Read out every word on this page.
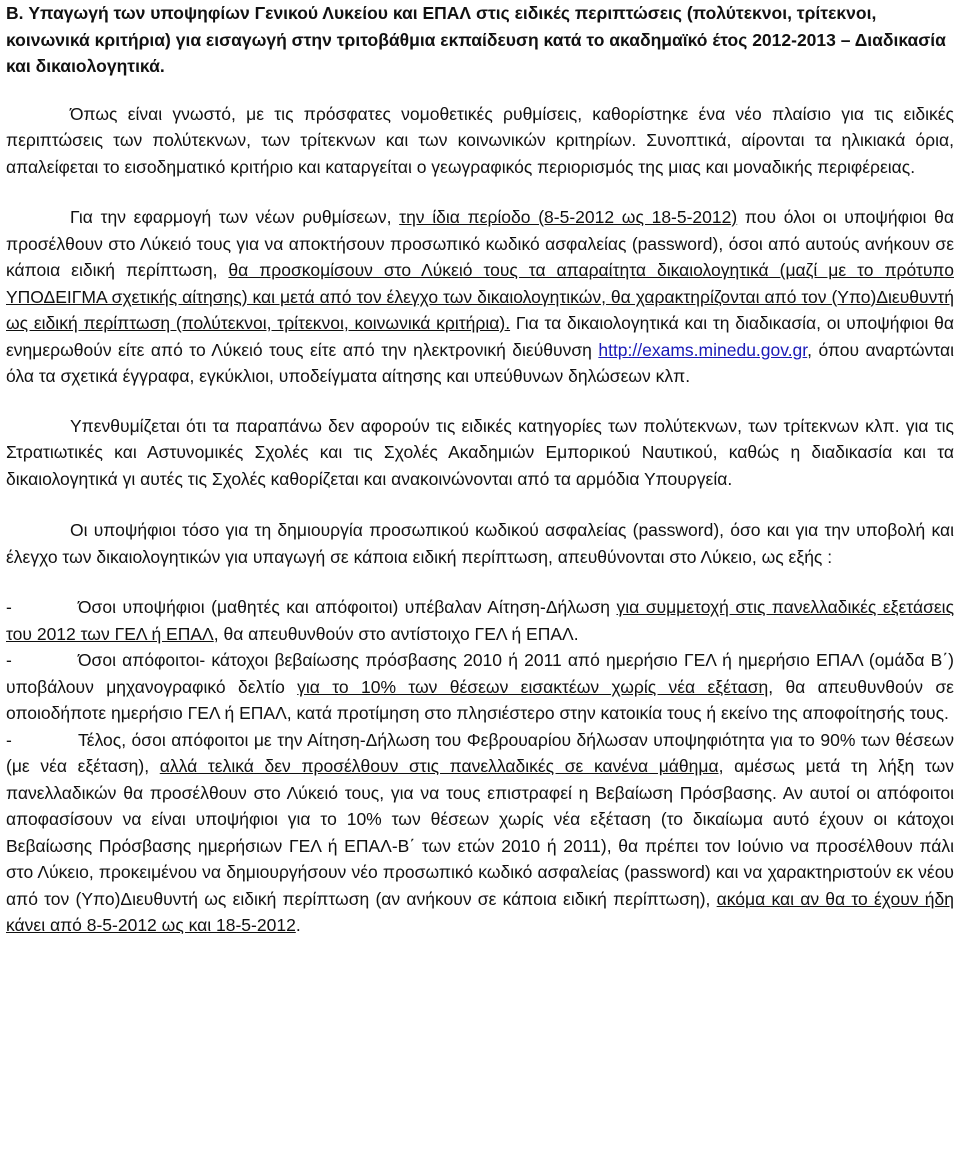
B. Υπαγωγή των υποψηφίων Γενικού Λυκείου και ΕΠΑΛ στις ειδικές περιπτώσεις (πολύτεκνοι, τρίτεκνοι, κοινωνικά κριτήρια) για εισαγωγή στην τριτοβάθμια εκπαίδευση κατά το ακαδημαϊκό έτος 2012-2013 – Διαδικασία και δικαιολογητικά.

Όπως είναι γνωστό, με τις πρόσφατες νομοθετικές ρυθμίσεις, καθορίστηκε ένα νέο πλαίσιο για τις ειδικές περιπτώσεις των πολύτεκνων, των τρίτεκνων και των κοινωνικών κριτηρίων. Συνοπτικά, αίρονται τα ηλικιακά όρια, απαλείφεται το εισοδηματικό κριτήριο και καταργείται ο γεωγραφικός περιορισμός της μιας και μοναδικής περιφέρειας.

Για την εφαρμογή των νέων ρυθμίσεων, την ίδια περίοδο (8-5-2012 ως 18-5-2012) που όλοι οι υποψήφιοι θα προσέλθουν στο Λύκειό τους για να αποκτήσουν προσωπικό κωδικό ασφαλείας (password), όσοι από αυτούς ανήκουν σε κάποια ειδική περίπτωση, θα προσκομίσουν στο Λύκειό τους τα απαραίτητα δικαιολογητικά (μαζί με το πρότυπο ΥΠΟΔΕΙΓΜΑ σχετικής αίτησης) και μετά από τον έλεγχο των δικαιολογητικών, θα χαρακτηρίζονται από τον (Υπο)Διευθυντή ως ειδική περίπτωση (πολύτεκνοι, τρίτεκνοι, κοινωνικά κριτήρια). Για τα δικαιολογητικά και τη διαδικασία, οι υποψήφιοι θα ενημερωθούν είτε από το Λύκειό τους είτε από την ηλεκτρονική διεύθυνση http://exams.minedu.gov.gr, όπου αναρτώνται όλα τα σχετικά έγγραφα, εγκύκλιοι, υποδείγματα αίτησης και υπεύθυνων δηλώσεων κλπ.

Υπενθυμίζεται ότι τα παραπάνω δεν αφορούν τις ειδικές κατηγορίες των πολύτεκνων, των τρίτεκνων κλπ. για τις Στρατιωτικές και Αστυνομικές Σχολές και τις Σχολές Ακαδημιών Εμπορικού Ναυτικού, καθώς η διαδικασία και τα δικαιολογητικά γι αυτές τις Σχολές καθορίζεται και ανακοινώνονται από τα αρμόδια Υπουργεία.

Οι υποψήφιοι τόσο για τη δημιουργία προσωπικού κωδικού ασφαλείας (password), όσο και για την υποβολή και έλεγχο των δικαιολογητικών για υπαγωγή σε κάποια ειδική περίπτωση, απευθύνονται στο Λύκειο, ως εξής :

-	Όσοι υποψήφιοι (μαθητές και απόφοιτοι) υπέβαλαν Αίτηση-Δήλωση για συμμετοχή στις πανελλαδικές εξετάσεις του 2012 των ΓΕΛ ή ΕΠΑΛ, θα απευθυνθούν στο αντίστοιχο ΓΕΛ ή ΕΠΑΛ.

-	Όσοι απόφοιτοι- κάτοχοι βεβαίωσης πρόσβασης 2010 ή 2011 από ημερήσιο ΓΕΛ ή ημερήσιο ΕΠΑΛ (ομάδα Β΄) υποβάλουν μηχανογραφικό δελτίο για το 10% των θέσεων εισακτέων χωρίς νέα εξέταση, θα απευθυνθούν σε οποιοδήποτε ημερήσιο ΓΕΛ ή ΕΠΑΛ, κατά προτίμηση στο πλησιέστερο στην κατοικία τους ή εκείνο της αποφοίτησής τους.

-	Τέλος, όσοι απόφοιτοι με την Αίτηση-Δήλωση του Φεβρουαρίου δήλωσαν υποψηφιότητα για το 90% των θέσεων (με νέα εξέταση), αλλά τελικά δεν προσέλθουν στις πανελλαδικές σε κανένα μάθημα, αμέσως μετά τη λήξη των πανελλαδικών θα προσέλθουν στο Λύκειό τους, για να τους επιστραφεί η Βεβαίωση Πρόσβασης. Αν αυτοί οι απόφοιτοι αποφασίσουν να είναι υποψήφιοι για το 10% των θέσεων χωρίς νέα εξέταση (το δικαίωμα αυτό έχουν οι κάτοχοι Βεβαίωσης Πρόσβασης ημερήσιων ΓΕΛ ή ΕΠΑΛ-Β΄ των ετών 2010 ή 2011), θα πρέπει τον Ιούνιο να προσέλθουν πάλι στο Λύκειο, προκειμένου να δημιουργήσουν νέο προσωπικό κωδικό ασφαλείας (password) και να χαρακτηριστούν εκ νέου από τον (Υπο)Διευθυντή ως ειδική περίπτωση (αν ανήκουν σε κάποια ειδική περίπτωση), ακόμα και αν θα το έχουν ήδη κάνει από 8-5-2012 ως και 18-5-2012.
